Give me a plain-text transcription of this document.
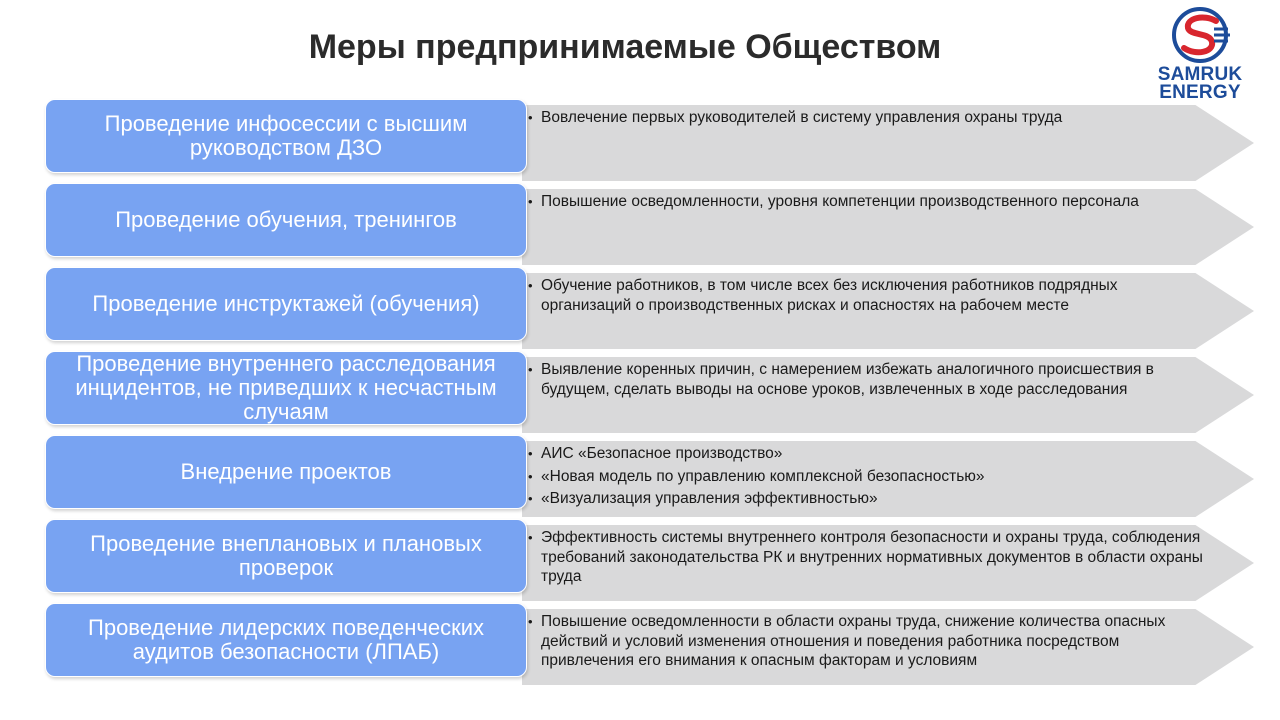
Меры предпринимаемые Обществом
SAMRUK
ENERGY
Проведение инфосессии с высшим руководством ДЗО
• Вовлечение первых руководителей в систему управления охраны труда
Проведение обучения, тренингов
• Повышение осведомленности, уровня компетенции производственного персонала
Проведение инструктажей (обучения)
• Обучение работников, в том числе всех без исключения работников подрядных организаций о производственных рисках и опасностях на рабочем месте
Проведение внутреннего расследования инцидентов, не приведших к несчастным случаям
• Выявление коренных причин, с намерением избежать аналогичного происшествия в будущем, сделать выводы на основе уроков, извлеченных в ходе расследования
Внедрение проектов
• АИС «Безопасное производство»
• «Новая модель по управлению комплексной безопасностью»
• «Визуализация управления эффективностью»
Проведение внеплановых и плановых проверок
• Эффективность системы внутреннего контроля безопасности и охраны труда, соблюдения требований законодательства РК и внутренних нормативных документов в области охраны труда
Проведение лидерских поведенческих аудитов безопасности (ЛПАБ)
• Повышение осведомленности в области охраны труда, снижение количества опасных действий и условий изменения отношения и поведения работника посредством привлечения его внимания к опасным факторам и условиям
